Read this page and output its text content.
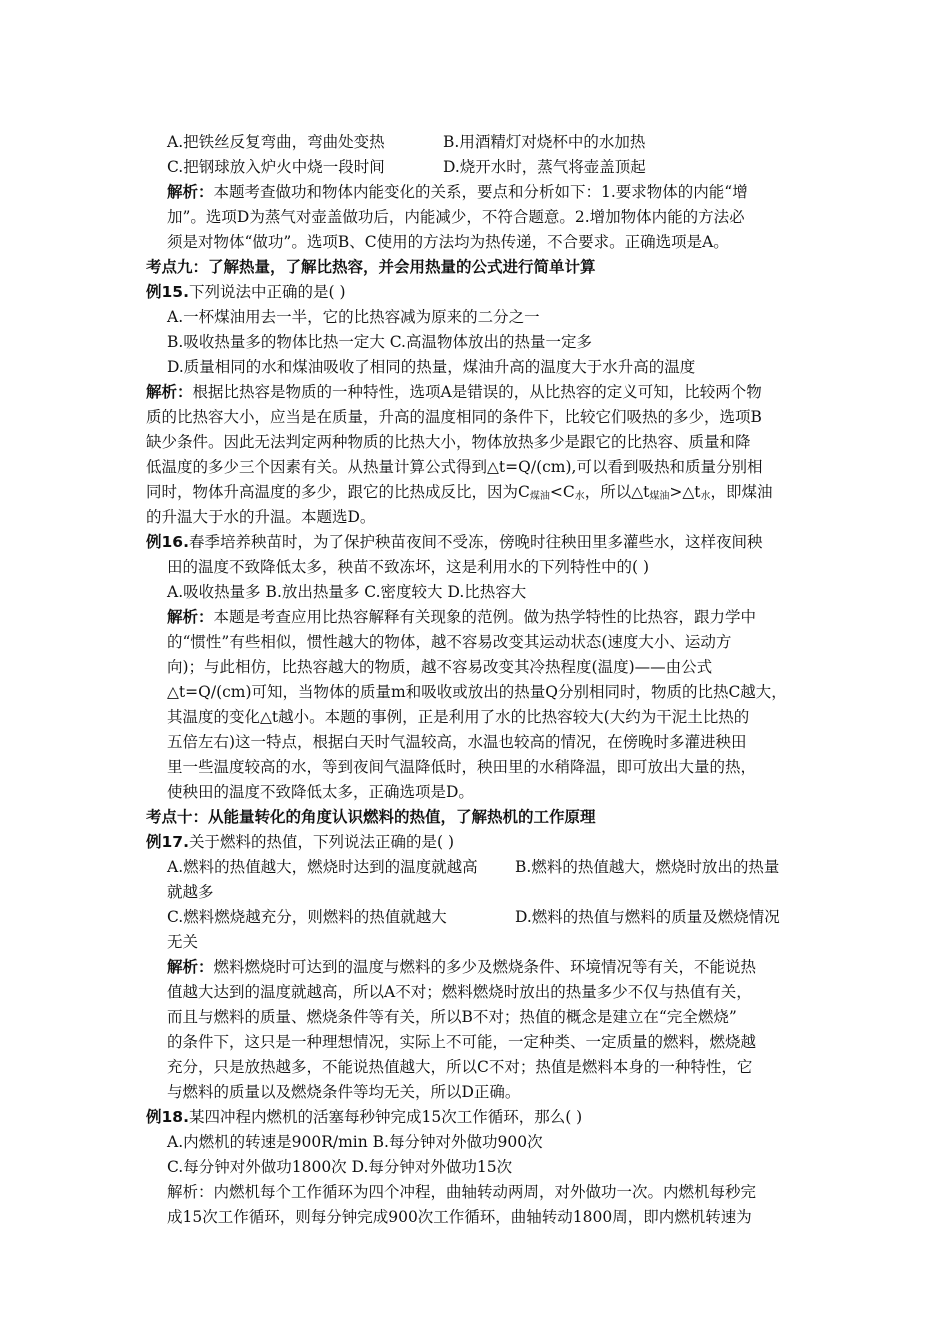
A.把铁丝反复弯曲，弯曲处变热	B.用酒精灯对烧杯中的水加热
C.把钢球放入炉火中烧一段时间	D.烧开水时，蒸气将壶盖顶起
解析：本题考查做功和物体内能变化的关系，要点和分析如下：1.要求物体的内能“增
加”。选项D为蒸气对壶盖做功后，内能减少，不符合题意。2.增加物体内能的方法必
须是对物体“做功”。选项B、C使用的方法均为热传递，不合要求。正确选项是A。
考点九：了解热量，了解比热容，并会用热量的公式进行简单计算
例15.下列说法中正确的是( )
A.一杯煤油用去一半，它的比热容减为原来的二分之一
B.吸收热量多的物体比热一定大 C.高温物体放出的热量一定多
D.质量相同的水和煤油吸收了相同的热量，煤油升高的温度大于水升高的温度
解析：根据比热容是物质的一种特性，选项A是错误的，从比热容的定义可知，比较两个物
质的比热容大小，应当是在质量，升高的温度相同的条件下，比较它们吸热的多少，选项B
缺少条件。因此无法判定两种物质的比热大小，物体放热多少是跟它的比热容、质量和降
低温度的多少三个因素有关。从热量计算公式得到△t=Q/(cm),可以看到吸热和质量分别相
同时，物体升高温度的多少，跟它的比热成反比，因为$C_{煤油}<C_水$，所以$\triangle t_{煤油}>\triangle t_水$，即煤油
的升温大于水的升温。本题选D。
例16.春季培养秧苗时，为了保护秧苗夜间不受冻，傍晚时往秧田里多灌些水，这样夜间秧
田的温度不致降低太多，秧苗不致冻坏，这是利用水的下列特性中的( )
A.吸收热量多 B.放出热量多 C.密度较大 D.比热容大
解析：本题是考查应用比热容解释有关现象的范例。做为热学特性的比热容，跟力学中
的“惯性”有些相似，惯性越大的物体，越不容易改变其运动状态(速度大小、运动方
向)；与此相仿，比热容越大的物质，越不容易改变其冷热程度(温度)——由公式
△t=Q/(cm)可知，当物体的质量m和吸收或放出的热量Q分别相同时，物质的比热C越大，
其温度的变化△t越小。本题的事例，正是利用了水的比热容较大(大约为干泥土比热的
五倍左右)这一特点，根据白天时气温较高，水温也较高的情况，在傍晚时多灌进秧田
里一些温度较高的水，等到夜间气温降低时，秧田里的水稍降温，即可放出大量的热，
使秧田的温度不致降低太多，正确选项是D。
考点十：从能量转化的角度认识燃料的热值，了解热机的工作原理
例17.关于燃料的热值，下列说法正确的是( )
A.燃料的热值越大，燃烧时达到的温度就越高 B.燃料的热值越大，燃烧时放出的热量
就越多
C.燃料燃烧越充分，则燃料的热值就越大	D.燃料的热值与燃料的质量及燃烧情况
无关
解析：燃料燃烧时可达到的温度与燃料的多少及燃烧条件、环境情况等有关，不能说热
值越大达到的温度就越高，所以A不对；燃料燃烧时放出的热量多少不仅与热值有关，
而且与燃料的质量、燃烧条件等有关，所以B不对；热值的概念是建立在“完全燃烧”
的条件下，这只是一种理想情况，实际上不可能，一定种类、一定质量的燃料，燃烧越
充分，只是放热越多，不能说热值越大，所以C不对；热值是燃料本身的一种特性，它
与燃料的质量以及燃烧条件等均无关，所以D正确。
例18.某四冲程内燃机的活塞每秒钟完成15次工作循环，那么( )
A.内燃机的转速是900R/min B.每分钟对外做功900次
C.每分钟对外做功1800次 D.每分钟对外做功15次
解析：内燃机每个工作循环为四个冲程，曲轴转动两周，对外做功一次。内燃机每秒完
成15次工作循环，则每分钟完成900次工作循环，曲轴转动1800周，即内燃机转速为
